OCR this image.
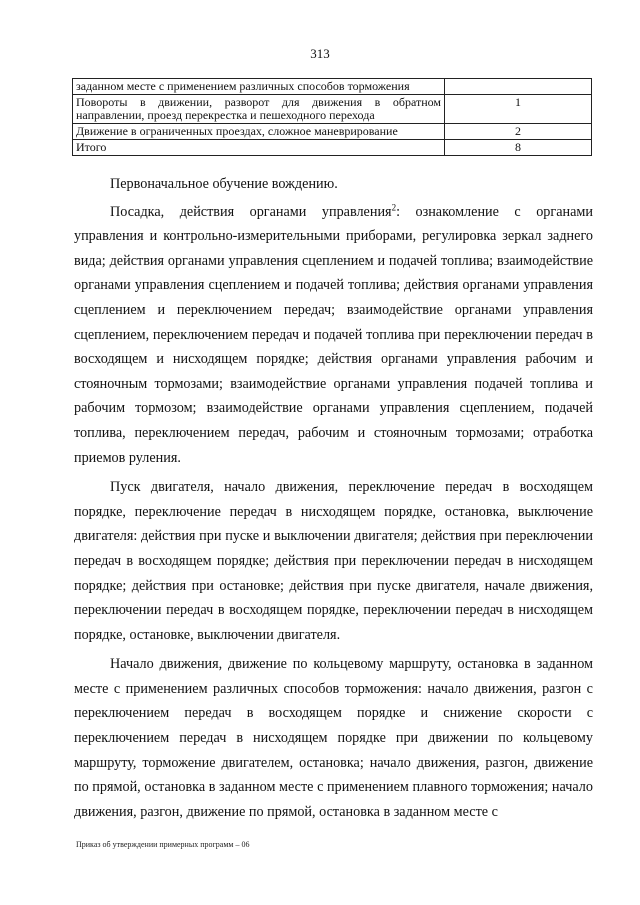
313
заданном месте с применением различных способов торможения	
Повороты в движении, разворот для движения в обратном направлении, проезд перекрестка и пешеходного перехода	1
Движение в ограниченных проездах, сложное маневрирование	2
Итого	8

Первоначальное обучение вождению.

Посадка, действия органами управления$^2$: ознакомление с органами управления и контрольно-измерительными приборами, регулировка зеркал заднего вида; действия органами управления сцеплением и подачей топлива; взаимодействие органами управления сцеплением и подачей топлива; действия органами управления сцеплением и переключением передач; взаимодействие органами управления сцеплением, переключением передач и подачей топлива при переключении передач в восходящем и нисходящем порядке; действия органами управления рабочим и стояночным тормозами; взаимодействие органами управления подачей топлива и рабочим тормозом; взаимодействие органами управления сцеплением, подачей топлива, переключением передач, рабочим и стояночным тормозами; отработка приемов руления.

Пуск двигателя, начало движения, переключение передач в восходящем порядке, переключение передач в нисходящем порядке, остановка, выключение двигателя: действия при пуске и выключении двигателя; действия при переключении передач в восходящем порядке; действия при переключении передач в нисходящем порядке; действия при остановке; действия при пуске двигателя, начале движения, переключении передач в восходящем порядке, переключении передач в нисходящем порядке, остановке, выключении двигателя.

Начало движения, движение по кольцевому маршруту, остановка в заданном месте с применением различных способов торможения: начало движения, разгон с переключением передач в восходящем порядке и снижение скорости с переключением передач в нисходящем порядке при движении по кольцевому маршруту, торможение двигателем, остановка; начало движения, разгон, движение по прямой, остановка в заданном месте с применением плавного торможения; начало движения, разгон, движение по прямой, остановка в заданном месте с

Приказ об утверждении примерных программ – 06
